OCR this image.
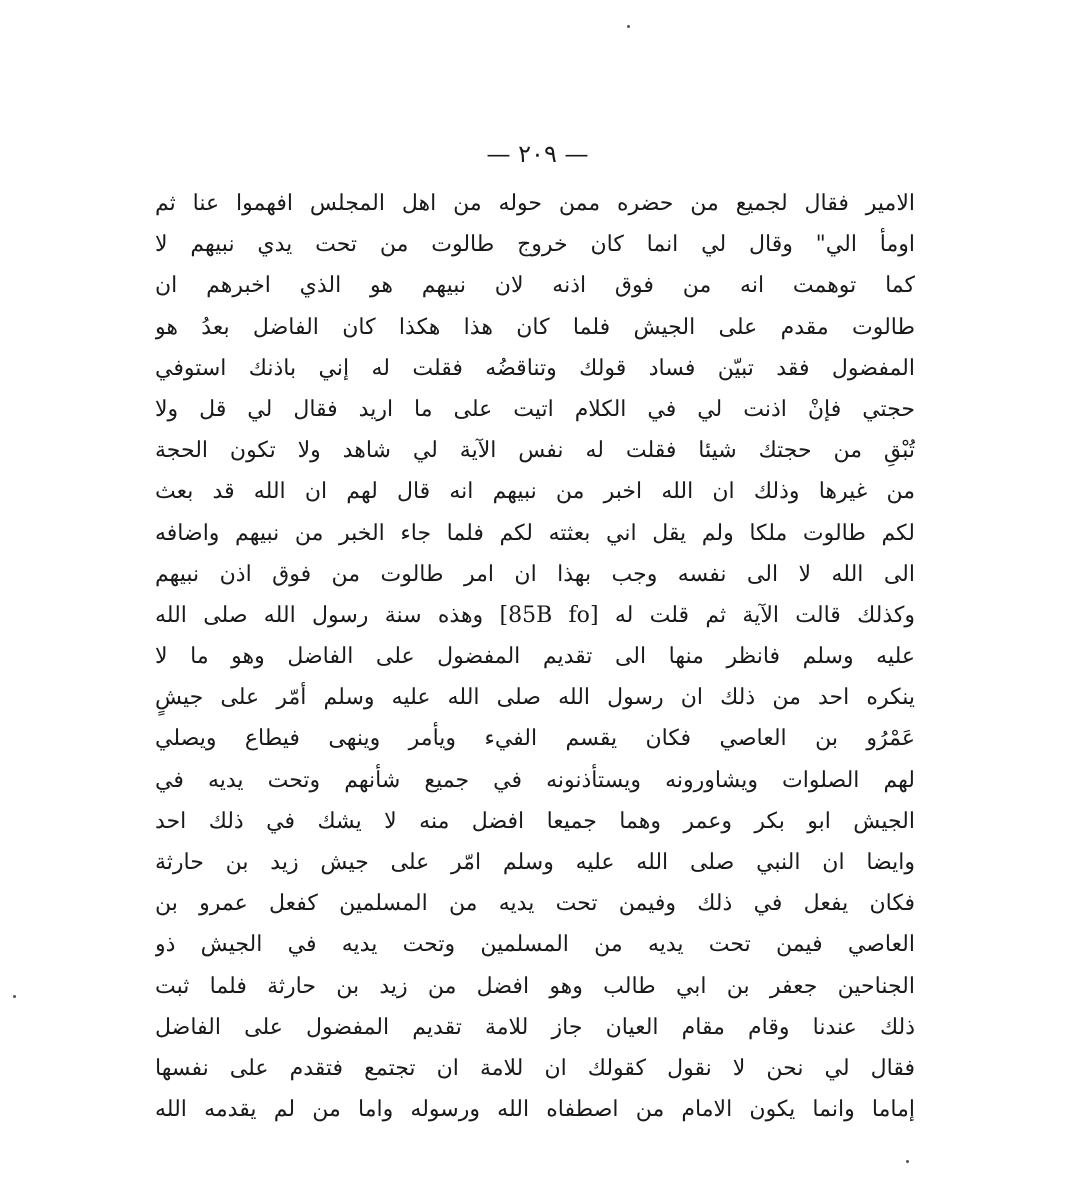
— ٢٠٩ —
الامير فقال لجميع من حضره ممن حوله من اهل المجلس افهموا عنا ثم
اومأ الي" وقال لي انما كان خروج طالوت من تحت يدي نبيهم لا
كما توهمت انه من فوق اذنه لان نبيهم هو الذي اخبرهم ان
طالوت مقدم على الجيش فلما كان هذا هكذا كان الفاضل بعدُ هو
المفضول فقد تبيّن فساد قولك وتناقضُه فقلت له إني باذنك استوفي
حجتي فإنْ اذنت لي في الكلام اتيت على ما اريد فقال لي قل ولا
تُبْقِ من حجتك شيئا فقلت له نفس الآية لي شاهد ولا تكون الحجة
من غيرها وذلك ان الله اخبر من نبيهم انه قال لهم ان الله قد بعث
لكم طالوت ملكا ولم يقل اني بعثته لكم فلما جاء الخبر من نبيهم واضافه
الى الله لا الى نفسه وجب بهذا ان امر طالوت من فوق اذن نبيهم
وكذلك قالت الآية ثم قلت له [85B fo] وهذه سنة رسول الله صلى الله
عليه وسلم فانظر منها الى تقديم المفضول على الفاضل وهو ما لا
ينكره احد من ذلك ان رسول الله صلى الله عليه وسلم أمّر على جيشٍ
عَمْرُو بن العاصي فكان يقسم الفيء ويأمر وينهى فيطاع ويصلي
لهم الصلوات ويشاورونه ويستأذنونه في جميع شأنهم وتحت يديه في
الجيش ابو بكر وعمر وهما جميعا افضل منه لا يشك في ذلك احد
وايضا ان النبي صلى الله عليه وسلم امّر على جيش زيد بن حارثة
فكان يفعل في ذلك وفيمن تحت يديه من المسلمين كفعل عمرو بن
العاصي فيمن تحت يديه من المسلمين وتحت يديه في الجيش ذو
الجناحين جعفر بن ابي طالب وهو افضل من زيد بن حارثة فلما ثبت
ذلك عندنا وقام مقام العيان جاز للامة تقديم المفضول على الفاضل
فقال لي نحن لا نقول كقولك ان للامة ان تجتمع فتقدم على نفسها
إماما وانما يكون الامام من اصطفاه الله ورسوله واما من لم يقدمه الله
